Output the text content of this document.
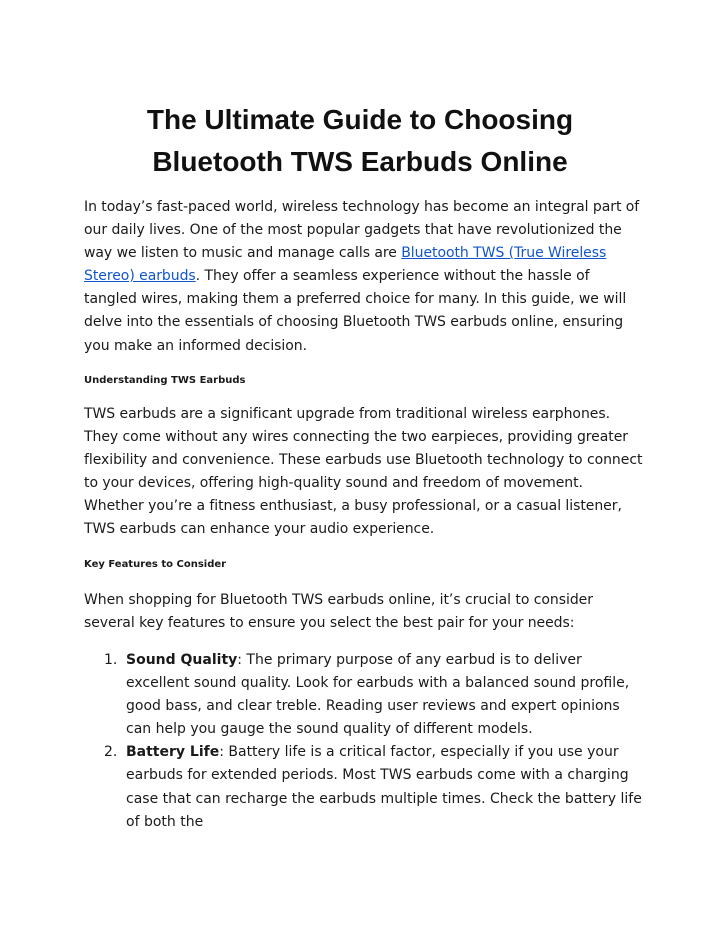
The Ultimate Guide to Choosing Bluetooth TWS Earbuds Online

In today’s fast-paced world, wireless technology has become an integral part of our daily lives. One of the most popular gadgets that have revolutionized the way we listen to music and manage calls are Bluetooth TWS (True Wireless Stereo) earbuds. They offer a seamless experience without the hassle of tangled wires, making them a preferred choice for many. In this guide, we will delve into the essentials of choosing Bluetooth TWS earbuds online, ensuring you make an informed decision.

Understanding TWS Earbuds

TWS earbuds are a significant upgrade from traditional wireless earphones. They come without any wires connecting the two earpieces, providing greater flexibility and convenience. These earbuds use Bluetooth technology to connect to your devices, offering high-quality sound and freedom of movement. Whether you’re a fitness enthusiast, a busy professional, or a casual listener, TWS earbuds can enhance your audio experience.

Key Features to Consider

When shopping for Bluetooth TWS earbuds online, it’s crucial to consider several key features to ensure you select the best pair for your needs:

1. Sound Quality: The primary purpose of any earbud is to deliver excellent sound quality. Look for earbuds with a balanced sound profile, good bass, and clear treble. Reading user reviews and expert opinions can help you gauge the sound quality of different models.
2. Battery Life: Battery life is a critical factor, especially if you use your earbuds for extended periods. Most TWS earbuds come with a charging case that can recharge the earbuds multiple times. Check the battery life of both the
